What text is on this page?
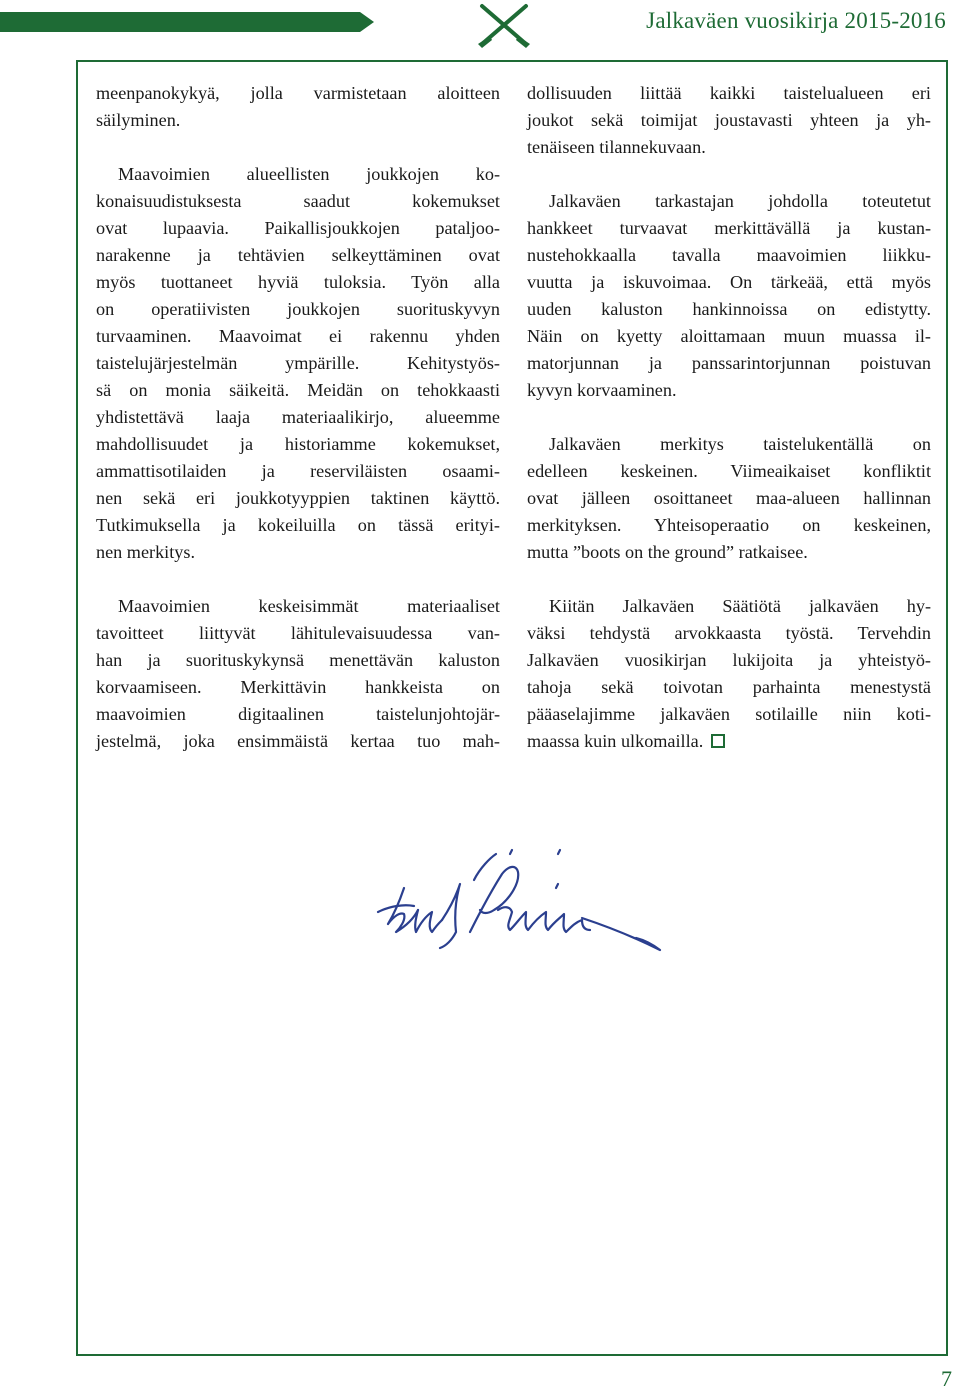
Jalkaväen vuosikirja 2015-2016

meenpanokykyä, jolla varmistetaan aloitteen
säilyminen.

Maavoimien alueellisten joukkojen ko-
konaisuudistuksesta saadut kokemukset
ovat lupaavia. Paikallisjoukkojen pataljoo-
narakenne ja tehtävien selkeyttäminen ovat
myös tuottaneet hyviä tuloksia. Työn alla
on operatiivisten joukkojen suorituskyvyn
turvaaminen. Maavoimat ei rakennu yhden
taistelujärjestelmän ympärille. Kehitystyös-
sä on monia säikeitä. Meidän on tehokkaasti
yhdistettävä laaja materiaalikirjo, alueemme
mahdollisuudet ja historiamme kokemukset,
ammattisotilaiden ja reserviläisten osaami-
nen sekä eri joukkotyyppien taktinen käyttö.
Tutkimuksella ja kokeiluilla on tässä erityi-
nen merkitys.

Maavoimien keskeisimmät materiaaliset
tavoitteet liittyvät lähitulevaisuudessa van-
han ja suorituskykynsä menettävän kaluston
korvaamiseen. Merkittävin hankkeista on
maavoimien digitaalinen taistelunjohtojär-
jestelmä, joka ensimmäistä kertaa tuo mah-

dollisuuden liittää kaikki taistelualueen eri
joukot sekä toimijat joustavasti yhteen ja yh-
tenäiseen tilannekuvaan.

Jalkaväen tarkastajan johdolla toteutetut
hankkeet turvaavat merkittävällä ja kustan-
nustehokkaalla tavalla maavoimien liikku-
vuutta ja iskuvoimaa. On tärkeää, että myös
uuden kaluston hankinnoissa on edistytty.
Näin on kyetty aloittamaan muun muassa il-
matorjunnan ja panssarintorjunnan poistuvan
kyvyn korvaaminen.

Jalkaväen merkitys taistelukentällä on
edelleen keskeinen. Viimeaikaiset konfliktit
ovat jälleen osoittaneet maa-alueen hallinnan
merkityksen. Yhteisoperaatio on keskeinen,
mutta ”boots on the ground” ratkaisee.

Kiitän Jalkaväen Säätiötä jalkaväen hy-
väksi tehdystä arvokkaasta työstä. Tervehdin
Jalkaväen vuosikirjan lukijoita ja yhteistyö-
tahoja sekä toivotan parhainta menestystä
pääaselajimme jalkaväen sotilaille niin koti-
maassa kuin ulkomailla.

7
